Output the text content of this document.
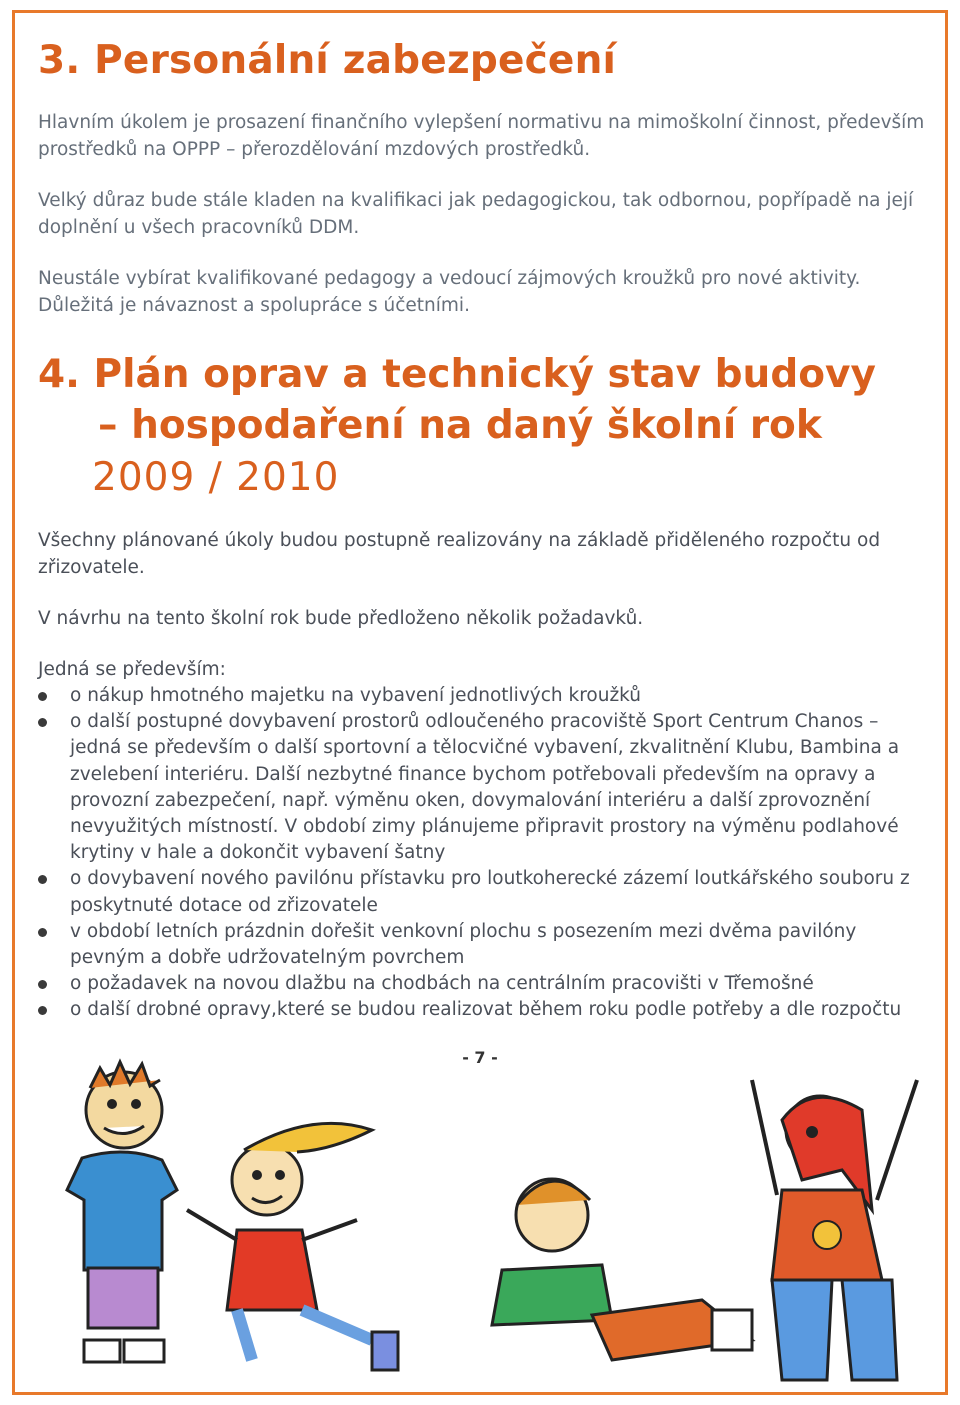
3. Personální zabezpečení

Hlavním úkolem je prosazení finančního vylepšení normativu na mimoškolní činnost, především prostředků na OPPP – přerozdělování mzdových prostředků.

Velký důraz bude stále kladen na kvalifikaci jak pedagogickou, tak odbornou, popřípadě na její doplnění u všech pracovníků DDM.

Neustále vybírat kvalifikované pedagogy a vedoucí zájmových kroužků pro nové aktivity. Důležitá je návaznost a spolupráce s účetními.

4. Plán oprav a technický stav budovy
– hospodaření na daný školní rok
2009 / 2010

Všechny plánované úkoly budou postupně realizovány na základě přiděleného rozpočtu od zřizovatele.

V návrhu na tento školní rok bude předloženo několik požadavků.

Jedná se především:

o nákup hmotného majetku na vybavení jednotlivých kroužků
o další postupné dovybavení prostorů odloučeného pracoviště Sport Centrum Chanos – jedná se především o další sportovní a tělocvičné vybavení, zkvalitnění Klubu, Bambina a zvelebení interiéru. Další nezbytné finance bychom potřebovali především na opravy a provozní zabezpečení, např. výměnu oken, dovymalování interiéru a další zprovoznění nevyužitých místností. V období zimy plánujeme připravit prostory na výměnu podlahové krytiny v hale a dokončit vybavení šatny
o dovybavení nového pavilónu přístavku pro loutkoherecké zázemí loutkářského souboru z poskytnuté dotace od zřizovatele
v období letních prázdnin dořešit venkovní plochu s posezením mezi dvěma pavilóny pevným a dobře udržovatelným povrchem
o požadavek na novou dlažbu na chodbách na centrálním pracovišti v Třemošné
o další drobné opravy,které se budou realizovat během roku podle potřeby a dle rozpočtu
- 7 -
